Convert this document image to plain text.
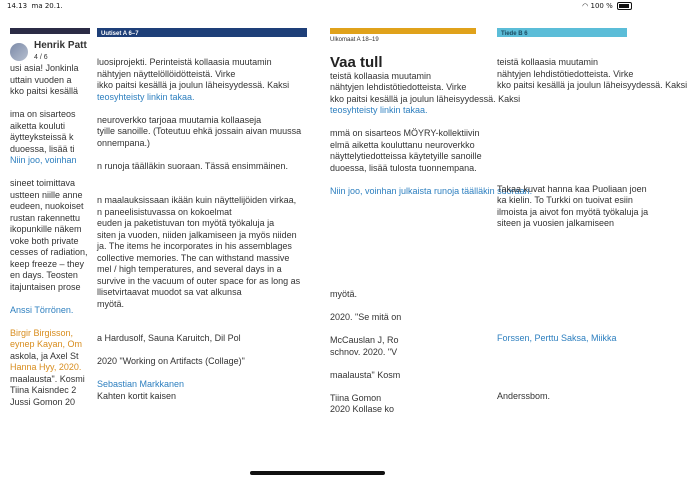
14.13 ma 20.1.	◠ 100 %
Henrik Patt
4 / 6
usi asia! Jonkinla
uttain vuoden a
kko paitsi kesällä

ima on sisarteos
aiketta kouluti
äytteyksteissä k
duoessa, lisää ti
Niin joo, voinhan

sineet toimittava
ustteen niille anne
eudeen, nuokoiset
rustan rakennettu
ikopunkille näkem
voke both private
cesses of radiation,
keep freeze – they
en days. Teosten
itajuntaisen prose

Anssi Törrönen.

Birgir Birgisson,
eynep Kayan, Om
askola, ja Axel St
Hanna Hyy, 2020.
maalausta". Kosmi
Tiina Kaisndec 2
Jussi Gomon 20
Uutiset A 6–7
luosiprojekti. Perinteistä kollaasia muutamin
nähtyjen näyttelöllöidötteistä. Virke
ikko paitsi kesällä ja joulun läheisyydessä. Kaksi
teosyhteisty linkin takaa.

neuroverkko tarjoaa muutamia kollaaseja
tyille sanoille. (Toteutuu ehkä jossain aivan muussa
onnempana.)

n runoja täälläkin suoraan. Tässä ensimmäinen.

n maalauksissaan ikään kuin näyttelijöiden virkaa,
n paneelisistuvassa on kokoelmat
euden ja paketistuvan ton myötä työkaluja ja
siten ja vuoden, niiden jalkamiseen ja myös niiden
ja. The items he incorporates in his assemblages
collective memories. The can withstand massive
mel / high temperatures, and several days in a
survive in the vacuum of outer space for as long as
llisetvirtaavat muodot sa vat alkunsa
myötä.

a Hardusolf, Sauna Karuitch, Dil Pol

2020 "Working on Artifacts (Collage)"

Sebastian Markkanen
Kahten kortit kaisen
Ulkomaat A 18–19
Vaa tull
teistä kollaasia muutamin
nähtyjen lehdistötiedotteista. Virke
kko paitsi kesällä ja joulun läheisyydessä. Kaksi
teosyhteisty linkin takaa.

mmä on sisarteos MÖYRY-kollektiivin
elmä aiketta kouluttanu neuroverkko
näyttelytiedotteissa käytetyille sanoille
duoessa, lisää tulosta tuonnempana.

Niin joo, voinhan julkaista runoja täälläkin suoraan.

myötä.

2020. "Se mitä on

McCauslan J, Ro
schnov. 2020. "V

maalausta" Kosm

Tiina Gomon
2020 Kollase ko
Tiede B 6
teistä kollaasia muutamin
nähtyjen lehdistötiedotteista. Virke
kko paitsi kesällä ja joulun läheisyydessä. Kaksi

Takaa kuvat hanna kaa Puoliaan joen
ka kielin. To Turkki on tuoivat esiin
ilmoista ja aivot fon myötä työkaluja ja
siteen ja vuosien jalkamiseen

Forssen, Perttu Saksa, Miikka

Anderssbom.
